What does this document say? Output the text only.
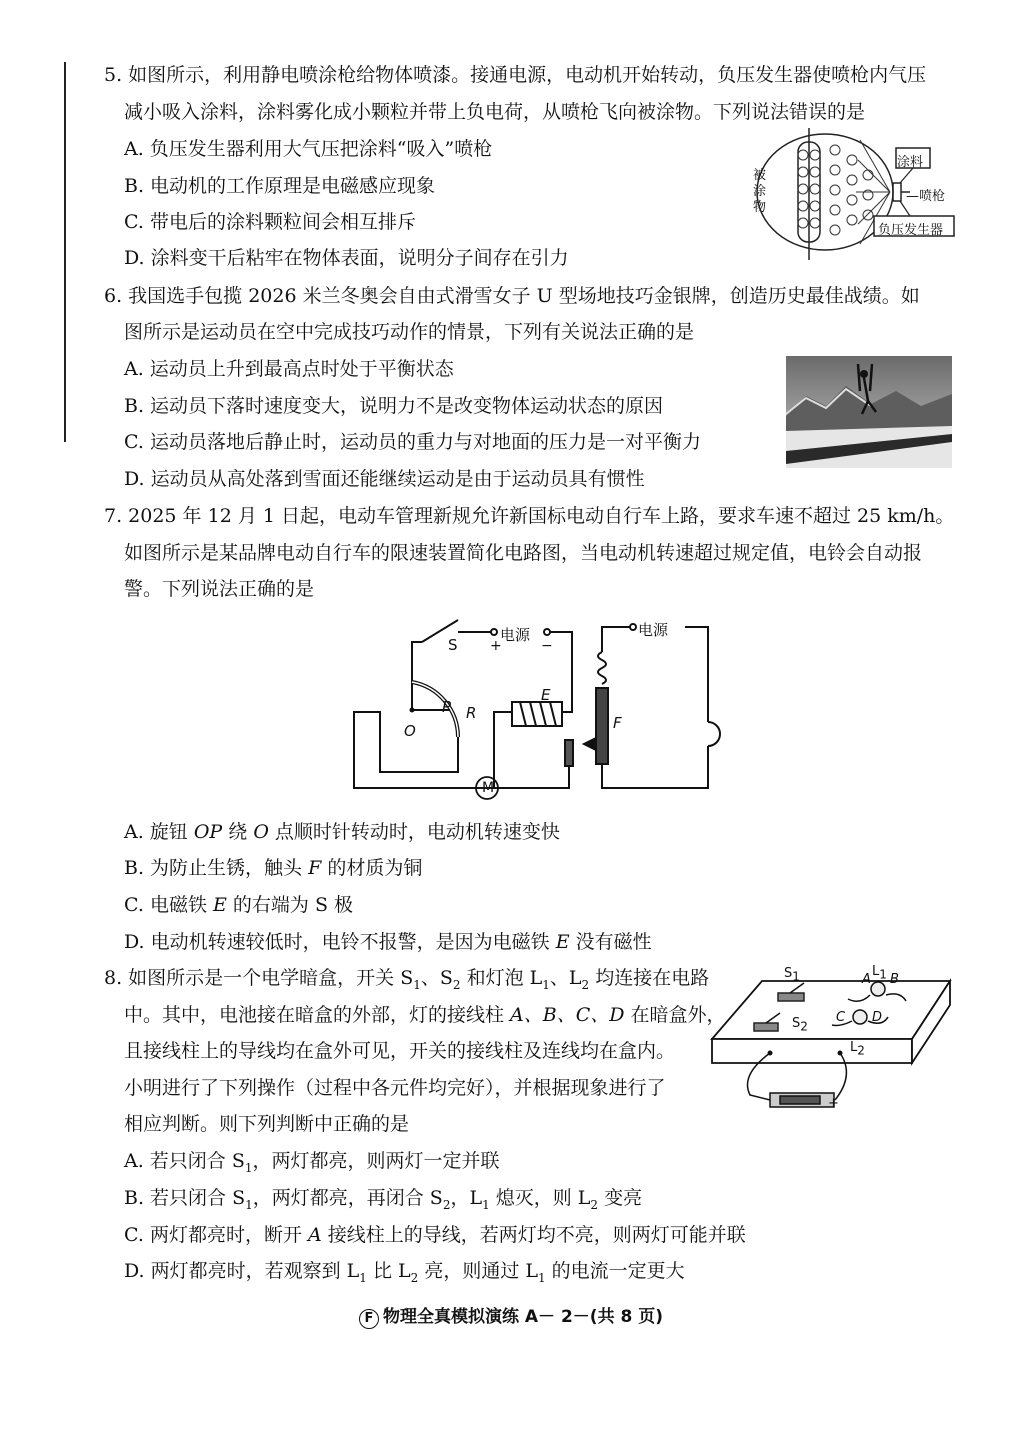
5. 如图所示，利用静电喷涂枪给物体喷漆。接通电源，电动机开始转动，负压发生器使喷枪内气压
减小吸入涂料，涂料雾化成小颗粒并带上负电荷，从喷枪飞向被涂物。下列说法错误的是
A. 负压发生器利用大气压把涂料“吸入”喷枪
B. 电动机的工作原理是电磁感应现象
C. 带电后的涂料颗粒间会相互排斥
D. 涂料变干后粘牢在物体表面，说明分子间存在引力
涂料
—喷枪
负压发生器
被涂物
6. 我国选手包揽 2026 米兰冬奥会自由式滑雪女子 U 型场地技巧金银牌，创造历史最佳战绩。如
图所示是运动员在空中完成技巧动作的情景，下列有关说法正确的是
A. 运动员上升到最高点时处于平衡状态
B. 运动员下落时速度变大，说明力不是改变物体运动状态的原因
C. 运动员落地后静止时，运动员的重力与对地面的压力是一对平衡力
D. 运动员从高处落到雪面还能继续运动是由于运动员具有惯性
7. 2025 年 12 月 1 日起，电动车管理新规允许新国标电动自行车上路，要求车速不超过 25 km/h。
如图所示是某品牌电动自行车的限速装置简化电路图，当电动机转速超过规定值，电铃会自动报
警。下列说法正确的是
S
电源
+	−
电源
O
P R
E
F
M
A. 旋钮 OP 绕 O 点顺时针转动时，电动机转速变快
B. 为防止生锈，触头 F 的材质为铜
C. 电磁铁 E 的右端为 S 极
D. 电动机转速较低时，电铃不报警，是因为电磁铁 E 没有磁性
8. 如图所示是一个电学暗盒，开关 $S_1$、$S_2$ 和灯泡 $L_1$、$L_2$ 均连接在电路
中。其中，电池接在暗盒的外部，灯的接线柱 A、B、C、D 在暗盒外，
且接线柱上的导线均在盒外可见，开关的接线柱及连线均在盒内。
小明进行了下列操作（过程中各元件均完好），并根据现象进行了
相应判断。则下列判断中正确的是
$S_1$
$S_2$
$L_1$
$L_2$
A B
C D
+
A. 若只闭合 $S_1$，两灯都亮，则两灯一定并联
B. 若只闭合 $S_1$，两灯都亮，再闭合 $S_2$，$L_1$ 熄灭，则 $L_2$ 变亮
C. 两灯都亮时，断开 A 接线柱上的导线，若两灯均不亮，则两灯可能并联
D. 两灯都亮时，若观察到 $L_1$ 比 $L_2$ 亮，则通过 $L_1$ 的电流一定更大
F 物理全真模拟演练 A－ 2－(共 8 页)
